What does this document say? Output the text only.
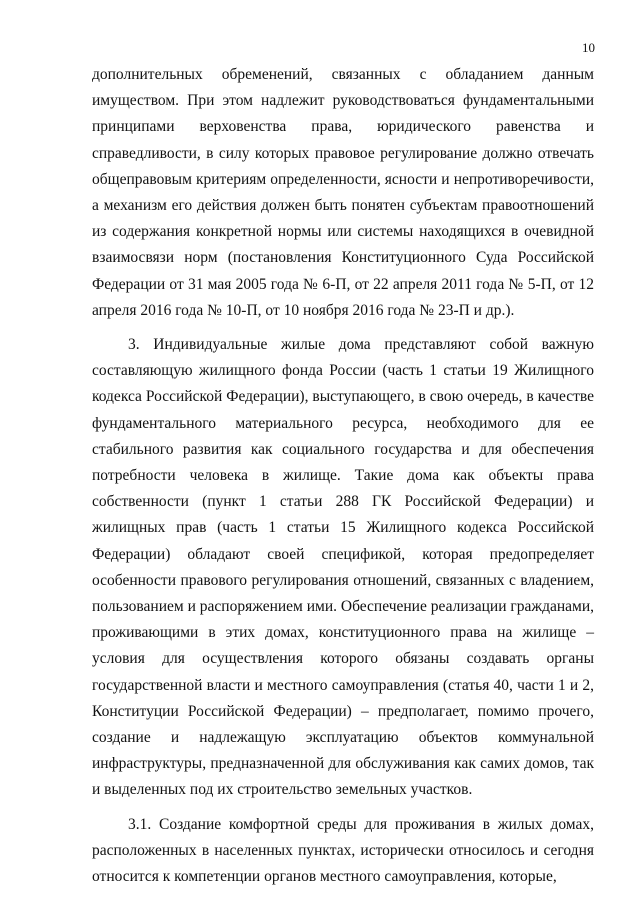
10

дополнительных обременений, связанных с обладанием данным имуществом. При этом надлежит руководствоваться фундаментальными принципами верховенства права, юридического равенства и справедливости, в силу которых правовое регулирование должно отвечать общеправовым критериям определенности, ясности и непротиворечивости, а механизм его действия должен быть понятен субъектам правоотношений из содержания конкретной нормы или системы находящихся в очевидной взаимосвязи норм (постановления Конституционного Суда Российской Федерации от 31 мая 2005 года № 6-П, от 22 апреля 2011 года № 5-П, от 12 апреля 2016 года № 10-П, от 10 ноября 2016 года № 23-П и др.).

3. Индивидуальные жилые дома представляют собой важную составляющую жилищного фонда России (часть 1 статьи 19 Жилищного кодекса Российской Федерации), выступающего, в свою очередь, в качестве фундаментального материального ресурса, необходимого для ее стабильного развития как социального государства и для обеспечения потребности человека в жилище. Такие дома как объекты права собственности (пункт 1 статьи 288 ГК Российской Федерации) и жилищных прав (часть 1 статьи 15 Жилищного кодекса Российской Федерации) обладают своей спецификой, которая предопределяет особенности правового регулирования отношений, связанных с владением, пользованием и распоряжением ими. Обеспечение реализации гражданами, проживающими в этих домах, конституционного права на жилище – условия для осуществления которого обязаны создавать органы государственной власти и местного самоуправления (статья 40, части 1 и 2, Конституции Российской Федерации) – предполагает, помимо прочего, создание и надлежащую эксплуатацию объектов коммунальной инфраструктуры, предназначенной для обслуживания как самих домов, так и выделенных под их строительство земельных участков.

3.1. Создание комфортной среды для проживания в жилых домах, расположенных в населенных пунктах, исторически относилось и сегодня относится к компетенции органов местного самоуправления, которые,
